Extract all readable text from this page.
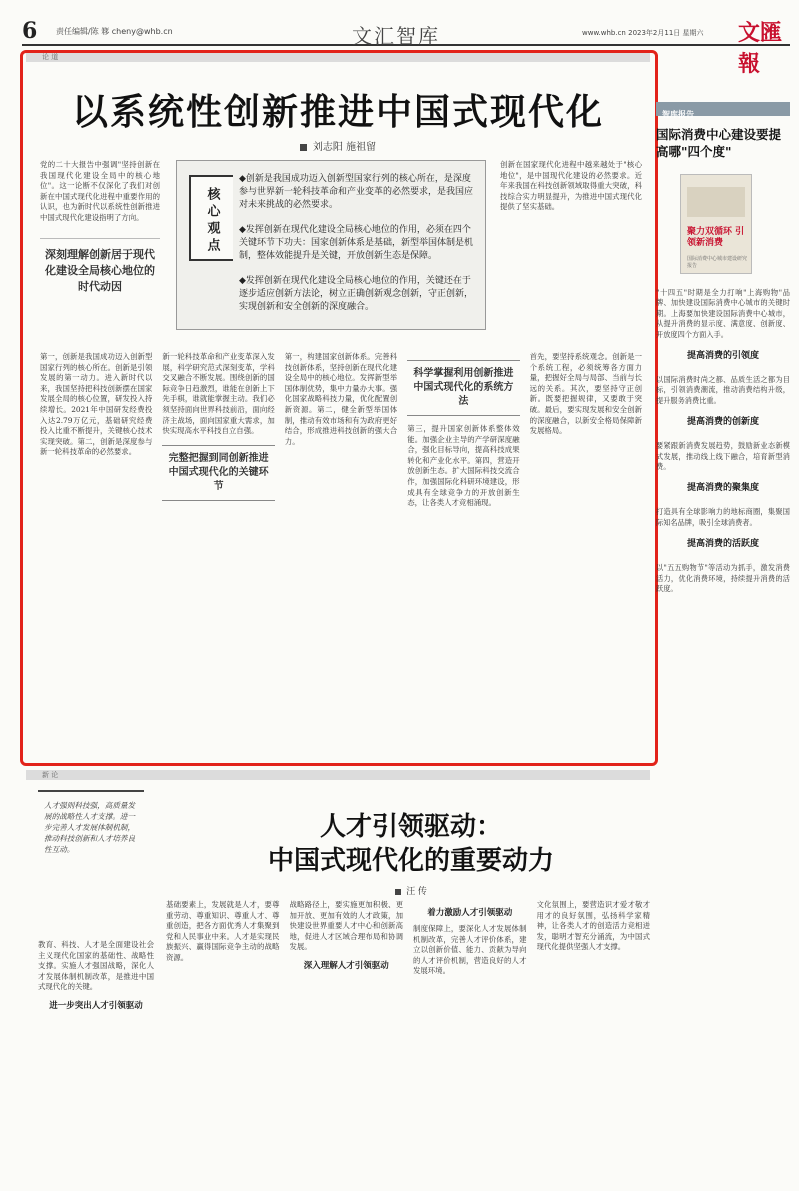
6 责任编辑/陈 簃 cheny@whb.cn	文汇智库	www.whb.cn 2023年2月11日 星期六 文匯報
论 道
以系统性创新推进中国式现代化
刘志阳 施祖留
党的二十大报告中强调"坚持创新在我国现代化建设全局中的核心地位"。这一论断不仅深化了我们对创新在中国式现代化进程中重要作用的认识，也为新时代以系统性创新推进中国式现代化建设指明了方向。
深刻理解创新居于现代化建设全局核心地位的时代动因
核心观点
◆创新是我国成功迈入创新型国家行列的核心所在，是深度参与世界新一轮科技革命和产业变革的必然要求，是我国应对未来挑战的必然要求。
◆发挥创新在现代化建设全局核心地位的作用，必须在四个关键环节下功夫：国家创新体系是基础，新型举国体制是机制，整体效能提升是关键，开放创新生态是保障。
◆发挥创新在现代化建设全局核心地位的作用，关键还在于逐步适应创新方法论，树立正确创新观念创新，守正创新，实现创新和安全创新的深度融合。
创新在国家现代化进程中越来越处于"核心地位"，是中国现代化建设的必然要求。近年来我国在科技创新领域取得重大突破，科技综合实力明显提升，为推进中国式现代化提供了坚实基础。
第一，创新是我国成功迈入创新型国家行列的核心所在。创新是引领发展的第一动力。进入新时代以来，我国坚持把科技创新摆在国家发展全局的核心位置，研发投入持续增长。2021年中国研发经费投入达2.79万亿元，基础研究经费投入比重不断提升，关键核心技术实现突破。第二，创新是深度参与新一轮科技革命的必然要求。
新一轮科技革命和产业变革深入发展，科学研究范式深刻变革，学科交叉融合不断发展。围绕创新的国际竞争日趋激烈，谁能在创新上下先手棋，谁就能掌握主动。我们必须坚持面向世界科技前沿，面向经济主战场，面向国家重大需求，加快实现高水平科技自立自强。
完整把握到同创新推进中国式现代化的关键环节
第一，构建国家创新体系。完善科技创新体系，坚持创新在现代化建设全局中的核心地位。发挥新型举国体制优势，集中力量办大事。强化国家战略科技力量，优化配置创新资源。第二，健全新型举国体制，推动有效市场和有为政府更好结合，形成推进科技创新的强大合力。
科学掌握利用创新推进中国式现代化的系统方法
第三，提升国家创新体系整体效能。加强企业主导的产学研深度融合，强化目标导向，提高科技成果转化和产业化水平。第四，营造开放创新生态。扩大国际科技交流合作，加强国际化科研环境建设，形成具有全球竞争力的开放创新生态，让各类人才竞相涌现。
首先，要坚持系统观念。创新是一个系统工程，必须统筹各方面力量，把握好全局与局部、当前与长远的关系。其次，要坚持守正创新。既要把握规律，又要敢于突破。最后，要实现发展和安全创新的深度融合，以新安全格局保障新发展格局。
智库报告
国际消费中心建设要提高哪"四个度"
聚力双循环 引领新消费
国际消费中心城市建设研究报告
"十四五"时期是全力打响"上海购物"品牌、加快建设国际消费中心城市的关键时期。上海要加快建设国际消费中心城市，从提升消费的显示度、满意度、创新度、开放度四个方面入手。
提高消费的引领度
以国际消费时尚之都、品质生活之都为目标，引领消费潮流，推动消费结构升级，提升服务消费比重。
提高消费的创新度
要紧跟新消费发展趋势，鼓励新业态新模式发展，推动线上线下融合，培育新型消费。
提高消费的聚集度
打造具有全球影响力的地标商圈，集聚国际知名品牌，吸引全球消费者。
提高消费的活跃度
以"五五购物节"等活动为抓手，激发消费活力，优化消费环境，持续提升消费的活跃度。
新 论
人才强则科技强，高质量发展的战略性人才支撑。进一步完善人才发展体制机制，推动科技创新和人才培养良性互动。
人才引领驱动：
中国式现代化的重要动力
汪 传
教育、科技、人才是全面建设社会主义现代化国家的基础性、战略性支撑。实施人才强国战略，深化人才发展体制机制改革，是推进中国式现代化的关键。
进一步突出人才引领驱动
基础要素上，发展就是人才，要尊重劳动、尊重知识、尊重人才、尊重创造，把各方面优秀人才集聚到党和人民事业中来。人才是实现民族振兴、赢得国际竞争主动的战略资源。
战略路径上，要实施更加积极、更加开放、更加有效的人才政策，加快建设世界重要人才中心和创新高地，促进人才区域合理布局和协调发展。
深入理解人才引领驱动
着力激励人才引领驱动
制度保障上，要深化人才发展体制机制改革，完善人才评价体系，建立以创新价值、能力、贡献为导向的人才评价机制，营造良好的人才发展环境。
文化氛围上，要营造识才爱才敬才用才的良好氛围，弘扬科学家精神，让各类人才的创造活力竞相迸发，聪明才智充分涌流，为中国式现代化提供坚强人才支撑。
